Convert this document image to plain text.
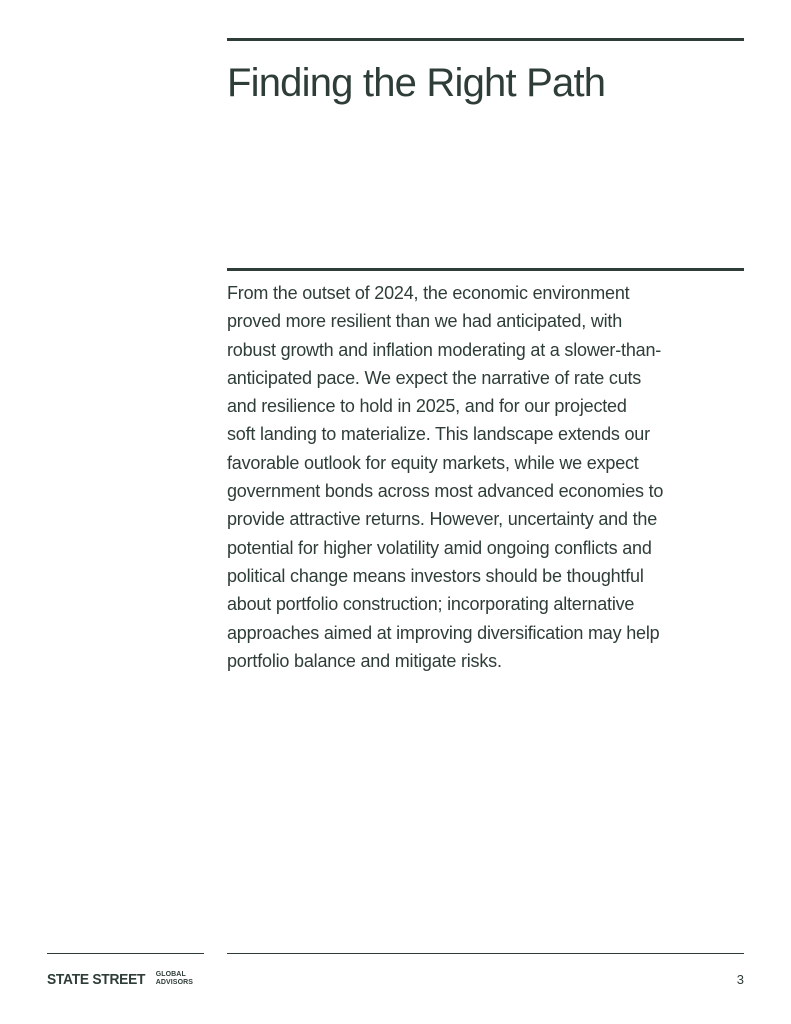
Finding the Right Path

From the outset of 2024, the economic environment
proved more resilient than we had anticipated, with
robust growth and inflation moderating at a slower-than-
anticipated pace. We expect the narrative of rate cuts
and resilience to hold in 2025, and for our projected
soft landing to materialize. This landscape extends our
favorable outlook for equity markets, while we expect
government bonds across most advanced economies to
provide attractive returns. However, uncertainty and the
potential for higher volatility amid ongoing conflicts and
political change means investors should be thoughtful
about portfolio construction; incorporating alternative
approaches aimed at improving diversification may help
portfolio balance and mitigate risks.

STATE STREET GLOBAL
ADVISORS	3
